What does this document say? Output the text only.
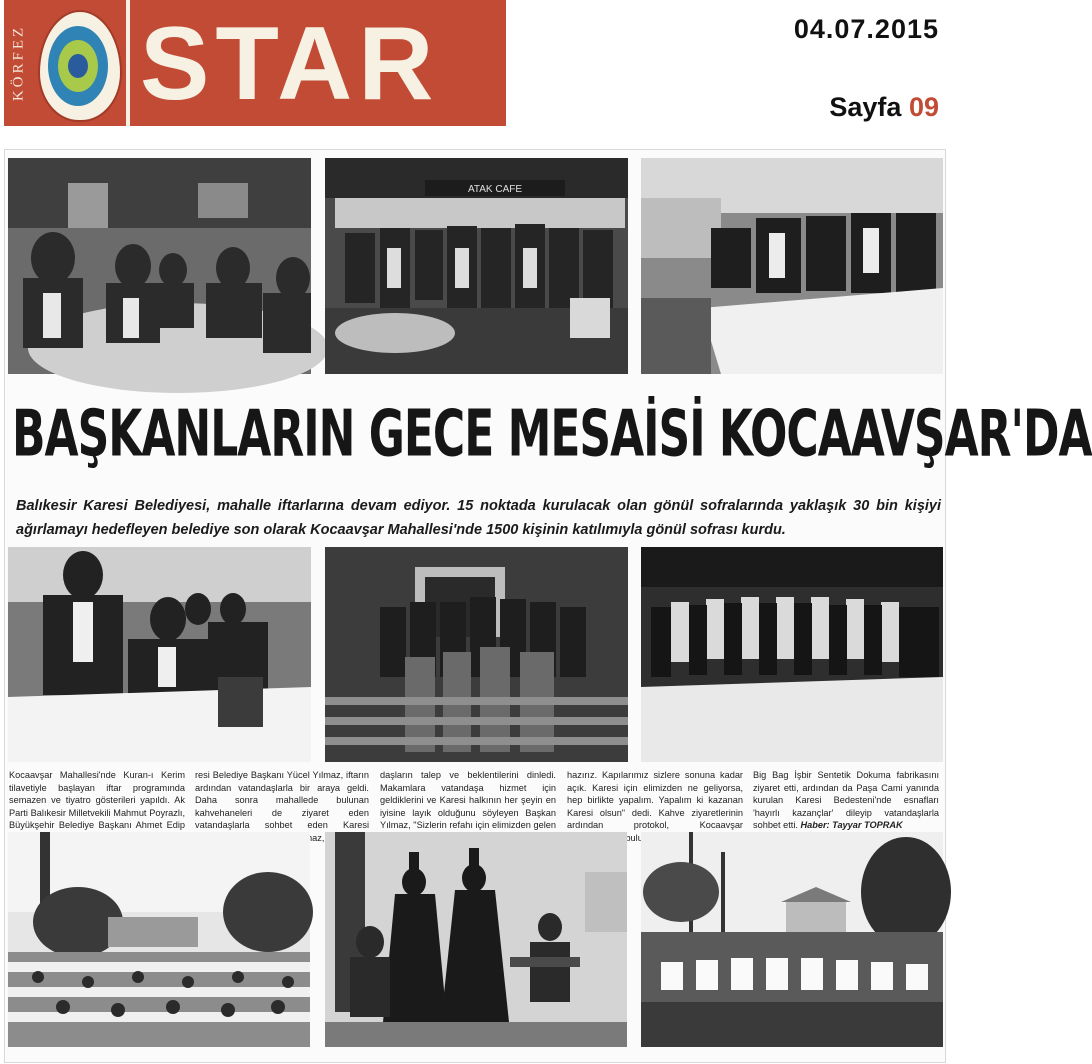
KÖRFEZ STAR	04.07.2015
Sayfa 09
ATAK CAFE
BAŞKANLARIN GECE MESAİSİ KOCAAVŞAR'DA

Balıkesir Karesi Belediyesi, mahalle iftarlarına devam ediyor. 15 noktada kurulacak olan gönül sofralarında yaklaşık 30 bin kişiyi ağırlamayı hedefleyen belediye son olarak Kocaavşar Mahallesi'nde 1500 kişinin katılımıyla gönül sofrası kurdu.

Kocaavşar Mahallesi'nde Kuran-ı Kerim tilavetiyle başlayan iftar programında semazen ve tiyatro gösterileri yapıldı. Ak Parti Balıkesir Milletvekili Mahmut Poyrazlı, Büyükşehir Belediye Başkanı Ahmet Edip

resi Belediye Başkanı Yücel Yılmaz, iftarın ardından vatandaşlarla bir araya geldi. Daha sonra mahallede bulunan kahvehaneleri de ziyaret eden vatandaşlarla sohbet eden Karesi

daşların talep ve beklentilerini dinledi. Makamlara vatandaşa hizmet için geldiklerini ve Karesi halkının her şeyin en iyisine layık olduğunu söyleyen Başkan Yılmaz, "Sizlerin refahı için elimizden gelen

hazırız. Kapılarımız sizlere sonuna kadar açık. Karesi için elimizden ne geliyorsa, hep birlikte yapalım. Yapalım ki kazanan Karesi olsun" dedi. Kahve ziyaretlerinin ardından protokol, Kocaavşar

Big Bag İşbir Sentetik Dokuma fabrikasını ziyaret etti, ardından da Paşa Cami yanında kurulan Karesi Bedesteni'nde esnafları 'hayırlı kazançlar' dileyip vatandaşlarla sohbet etti. Haber: Tayyar TOPRAK
